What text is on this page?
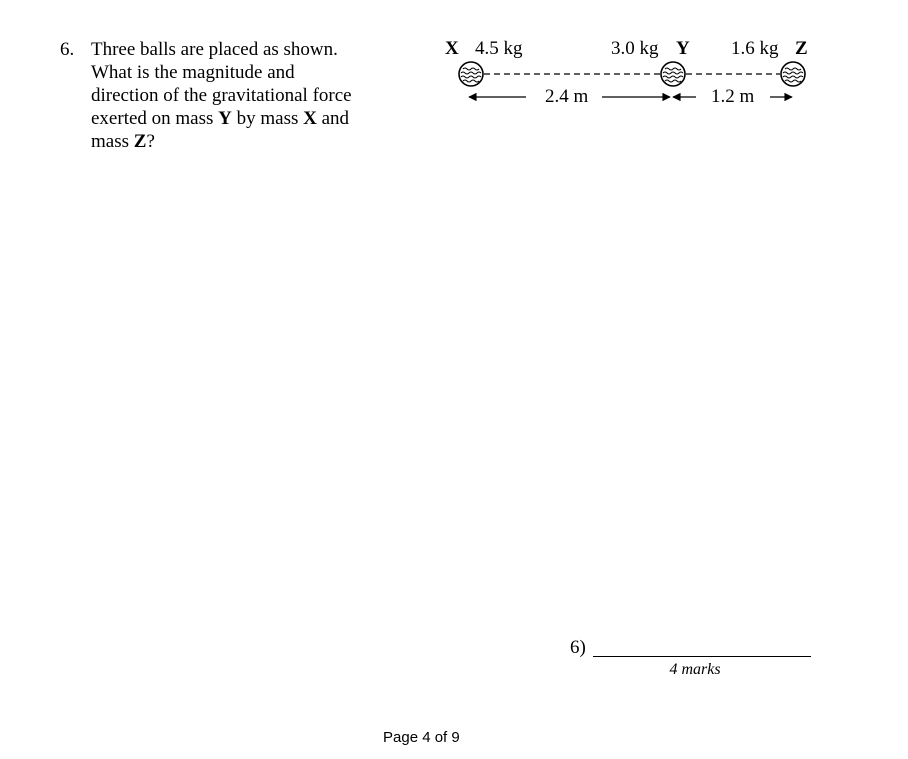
6. Three balls are placed as shown.
What is the magnitude and
direction of the gravitational force
exerted on mass Y by mass X and
mass Z?
X 4.5 kg	3.0 kg Y 1.6 kg Z
2.4 m	1.2 m
6)
4 marks
Page 4 of 9
